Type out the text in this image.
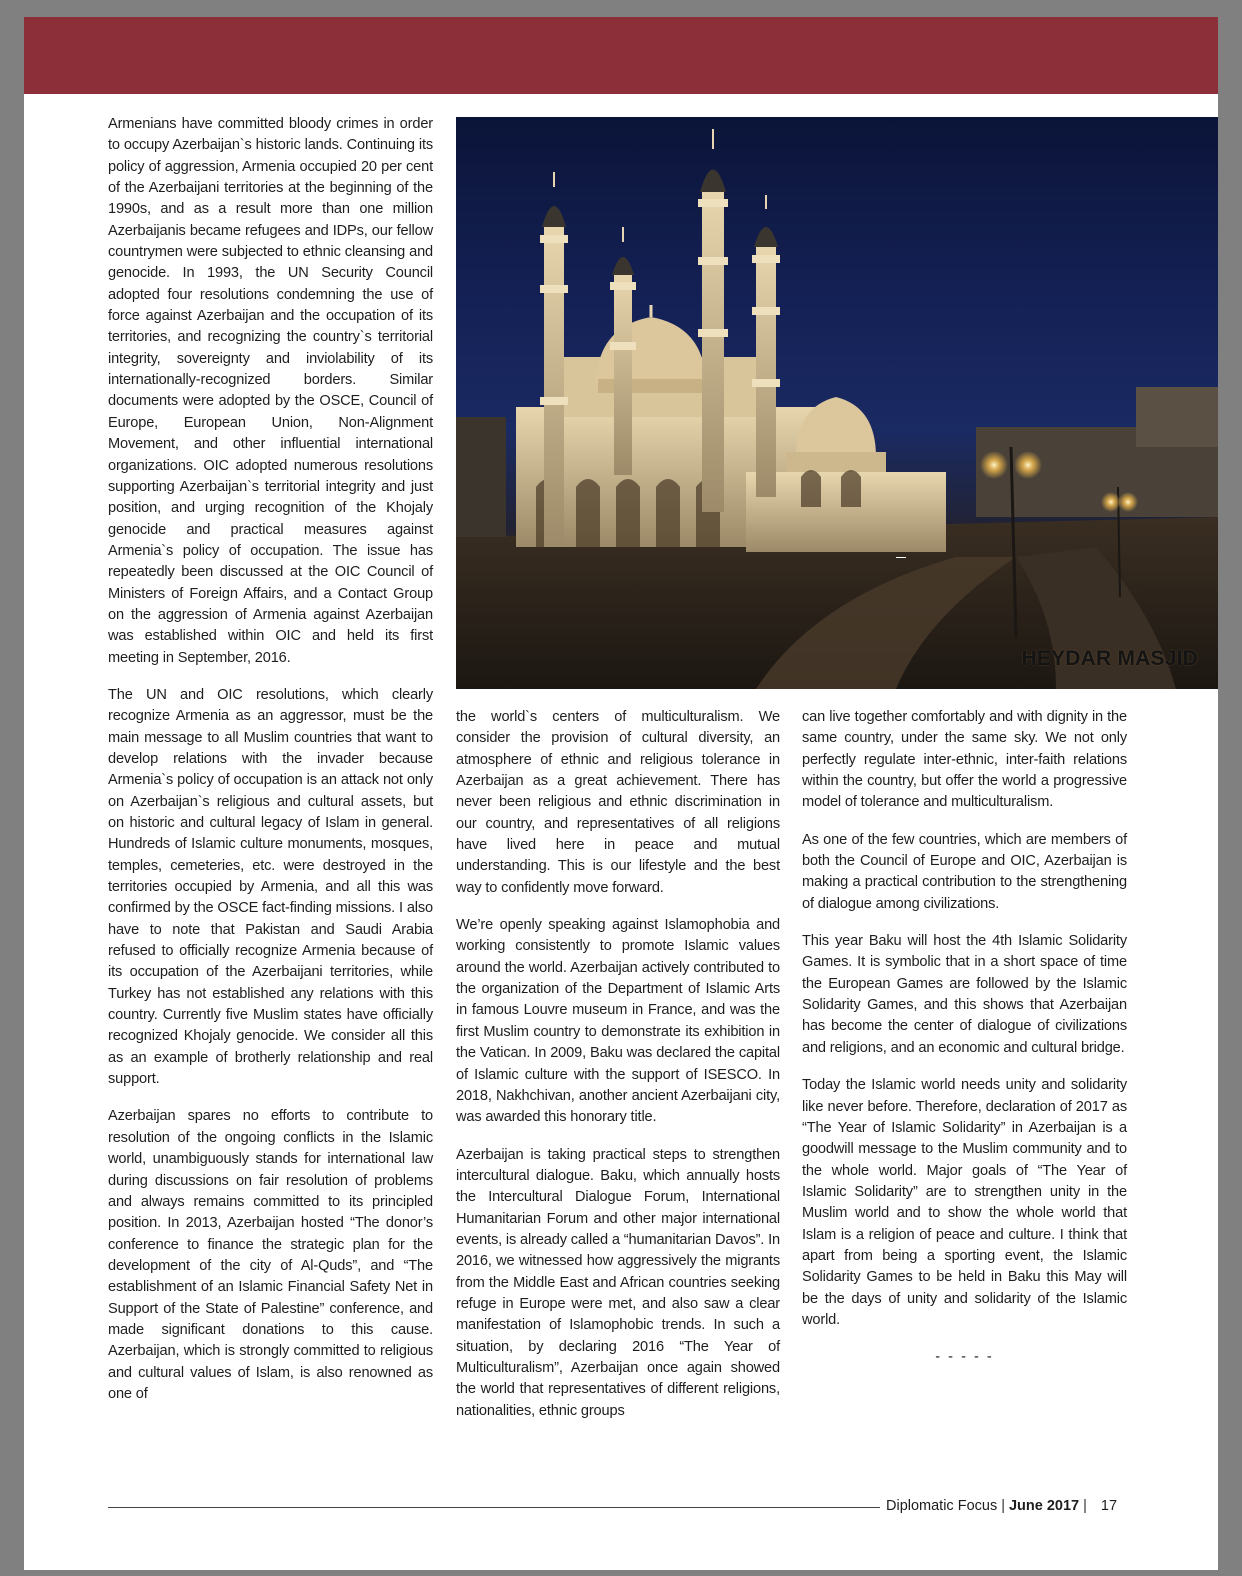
Armenians have committed bloody crimes in order to occupy Azerbaijan`s historic lands. Continuing its policy of aggression, Armenia occupied 20 per cent of the Azerbaijani territories at the beginning of the 1990s, and as a result more than one million Azerbaijanis became refugees and IDPs, our fellow countrymen were subjected to ethnic cleansing and genocide. In 1993, the UN Security Council adopted four resolutions condemning the use of force against Azerbaijan and the occupation of its territories, and recognizing the country`s territorial integrity, sovereignty and inviolability of its internationally-recognized borders. Similar documents were adopted by the OSCE, Council of Europe, European Union, Non-Alignment Movement, and other influential international organizations. OIC adopted numerous resolutions supporting Azerbaijan`s territorial integrity and just position, and urging recognition of the Khojaly genocide and practical measures against Armenia`s policy of occupation. The issue has repeatedly been discussed at the OIC Council of Ministers of Foreign Affairs, and a Contact Group on the aggression of Armenia against Azerbaijan was established within OIC and held its first meeting in September, 2016.

The UN and OIC resolutions, which clearly recognize Armenia as an aggressor, must be the main message to all Muslim countries that want to develop relations with the invader because Armenia`s policy of occupation is an attack not only on Azerbaijan`s religious and cultural assets, but on historic and cultural legacy of Islam in general. Hundreds of Islamic culture monuments, mosques, temples, cemeteries, etc. were destroyed in the territories occupied by Armenia, and all this was confirmed by the OSCE fact-finding missions. I also have to note that Pakistan and Saudi Arabia refused to officially recognize Armenia because of its occupation of the Azerbaijani territories, while Turkey has not established any relations with this country. Currently five Muslim states have officially recognized Khojaly genocide. We consider all this as an example of brotherly relationship and real support.

Azerbaijan spares no efforts to contribute to resolution of the ongoing conflicts in the Islamic world, unambiguously stands for international law during discussions on fair resolution of problems and always remains committed to its principled position. In 2013, Azerbaijan hosted “The donor’s conference to finance the strategic plan for the development of the city of Al-Quds”, and “The establishment of an Islamic Financial Safety Net in Support of the State of Palestine” conference, and made significant donations to this cause. Azerbaijan, which is strongly committed to religious and cultural values of Islam, is also renowned as one of

HEYDAR MASJID

the world`s centers of multiculturalism. We consider the provision of cultural diversity, an atmosphere of ethnic and religious tolerance in Azerbaijan as a great achievement. There has never been religious and ethnic discrimination in our country, and representatives of all religions have lived here in peace and mutual understanding. This is our lifestyle and the best way to confidently move forward.

We’re openly speaking against Islamophobia and working consistently to promote Islamic values around the world. Azerbaijan actively contributed to the organization of the Department of Islamic Arts in famous Louvre museum in France, and was the first Muslim country to demonstrate its exhibition in the Vatican. In 2009, Baku was declared the capital of Islamic culture with the support of ISESCO. In 2018, Nakhchivan, another ancient Azerbaijani city, was awarded this honorary title.

Azerbaijan is taking practical steps to strengthen intercultural dialogue. Baku, which annually hosts the Intercultural Dialogue Forum, International Humanitarian Forum and other major international events, is already called a “humanitarian Davos”. In 2016, we witnessed how aggressively the migrants from the Middle East and African countries seeking refuge in Europe were met, and also saw a clear manifestation of Islamophobic trends. In such a situation, by declaring 2016 “The Year of Multiculturalism”, Azerbaijan once again showed the world that representatives of different religions, nationalities, ethnic groups

can live together comfortably and with dignity in the same country, under the same sky. We not only perfectly regulate inter-ethnic, inter-faith relations within the country, but offer the world a progressive model of tolerance and multiculturalism.

As one of the few countries, which are members of both the Council of Europe and OIC, Azerbaijan is making a practical contribution to the strengthening of dialogue among civilizations.

This year Baku will host the 4th Islamic Solidarity Games. It is symbolic that in a short space of time the European Games are followed by the Islamic Solidarity Games, and this shows that Azerbaijan has become the center of dialogue of civilizations and religions, and an economic and cultural bridge.

Today the Islamic world needs unity and solidarity like never before. Therefore, declaration of 2017 as “The Year of Islamic Solidarity” in Azerbaijan is a goodwill message to the Muslim community and to the whole world. Major goals of “The Year of Islamic Solidarity” are to strengthen unity in the Muslim world and to show the whole world that Islam is a religion of peace and culture. I think that apart from being a sporting event, the Islamic Solidarity Games to be held in Baku this May will be the days of unity and solidarity of the Islamic world.

- - - - -
Diplomatic Focus | June 2017 | 17
